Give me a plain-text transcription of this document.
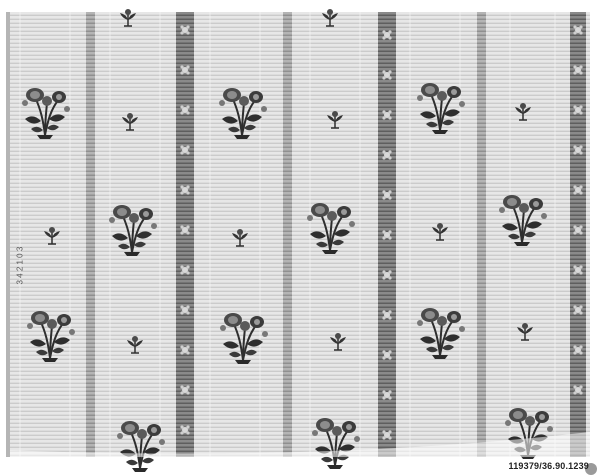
3 4 2 1 0 3
119379/36.90.1239
